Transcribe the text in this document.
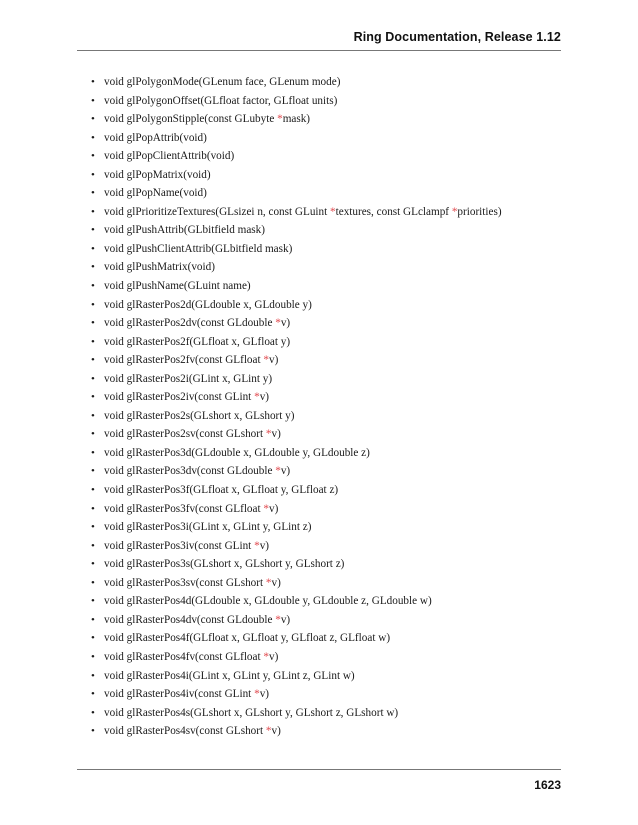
Ring Documentation, Release 1.12
• void glPolygonMode(GLenum face, GLenum mode)
• void glPolygonOffset(GLfloat factor, GLfloat units)
• void glPolygonStipple(const GLubyte *mask)
• void glPopAttrib(void)
• void glPopClientAttrib(void)
• void glPopMatrix(void)
• void glPopName(void)
• void glPrioritizeTextures(GLsizei n, const GLuint *textures, const GLclampf *priorities)
• void glPushAttrib(GLbitfield mask)
• void glPushClientAttrib(GLbitfield mask)
• void glPushMatrix(void)
• void glPushName(GLuint name)
• void glRasterPos2d(GLdouble x, GLdouble y)
• void glRasterPos2dv(const GLdouble *v)
• void glRasterPos2f(GLfloat x, GLfloat y)
• void glRasterPos2fv(const GLfloat *v)
• void glRasterPos2i(GLint x, GLint y)
• void glRasterPos2iv(const GLint *v)
• void glRasterPos2s(GLshort x, GLshort y)
• void glRasterPos2sv(const GLshort *v)
• void glRasterPos3d(GLdouble x, GLdouble y, GLdouble z)
• void glRasterPos3dv(const GLdouble *v)
• void glRasterPos3f(GLfloat x, GLfloat y, GLfloat z)
• void glRasterPos3fv(const GLfloat *v)
• void glRasterPos3i(GLint x, GLint y, GLint z)
• void glRasterPos3iv(const GLint *v)
• void glRasterPos3s(GLshort x, GLshort y, GLshort z)
• void glRasterPos3sv(const GLshort *v)
• void glRasterPos4d(GLdouble x, GLdouble y, GLdouble z, GLdouble w)
• void glRasterPos4dv(const GLdouble *v)
• void glRasterPos4f(GLfloat x, GLfloat y, GLfloat z, GLfloat w)
• void glRasterPos4fv(const GLfloat *v)
• void glRasterPos4i(GLint x, GLint y, GLint z, GLint w)
• void glRasterPos4iv(const GLint *v)
• void glRasterPos4s(GLshort x, GLshort y, GLshort z, GLshort w)
• void glRasterPos4sv(const GLshort *v)
1623
